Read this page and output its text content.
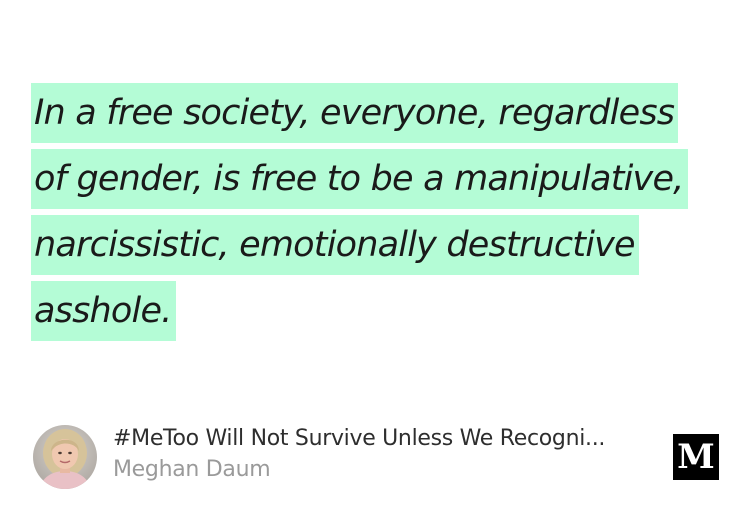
In a free society, everyone, regardless
of gender, is free to be a manipulative,
narcissistic, emotionally destructive
asshole.
#MeToo Will Not Survive Unless We Recogni...
Meghan Daum	M
